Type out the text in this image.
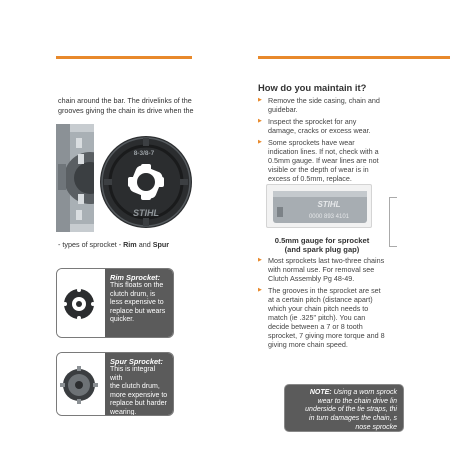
chain around the bar. The drivelinks of the
grooves giving the chain its drive when the
8-3/8-7
STIHL
- types of sprocket - Rim and Spur
Rim Sprocket:
This floats on the
clutch drum, is
less expensive to
replace but wears
quicker.
Spur Sprocket:
This is integral with
the clutch drum,
more expensive to
replace but harder
wearing.
How do you maintain it?
▶ Remove the side casing, chain and guidebar.
▶ Inspect the sprocket for any damage, cracks or excess wear.
▶ Some sprockets have wear indication lines. If not, check with a 0.5mm gauge. If wear lines are not visible or the depth of wear is in excess of 0.5mm, replace.
STIHL
0000 893 4101
0.5mm gauge for sprocket
(and spark plug gap)
▶ Most sprockets last two-three chains with normal use. For removal see Clutch Assembly Pg 48-49.
▶ The grooves in the sprocket are set at a certain pitch (distance apart) which your chain pitch needs to match (ie .325" pitch). You can decide between a 7 or 8 tooth sprocket, 7 giving more torque and 8 giving more chain speed.
NOTE: Using a worn sprock
wear to the chain drive lin
underside of the tie straps, thi
in turn damages the chain, s
nose sprocke
